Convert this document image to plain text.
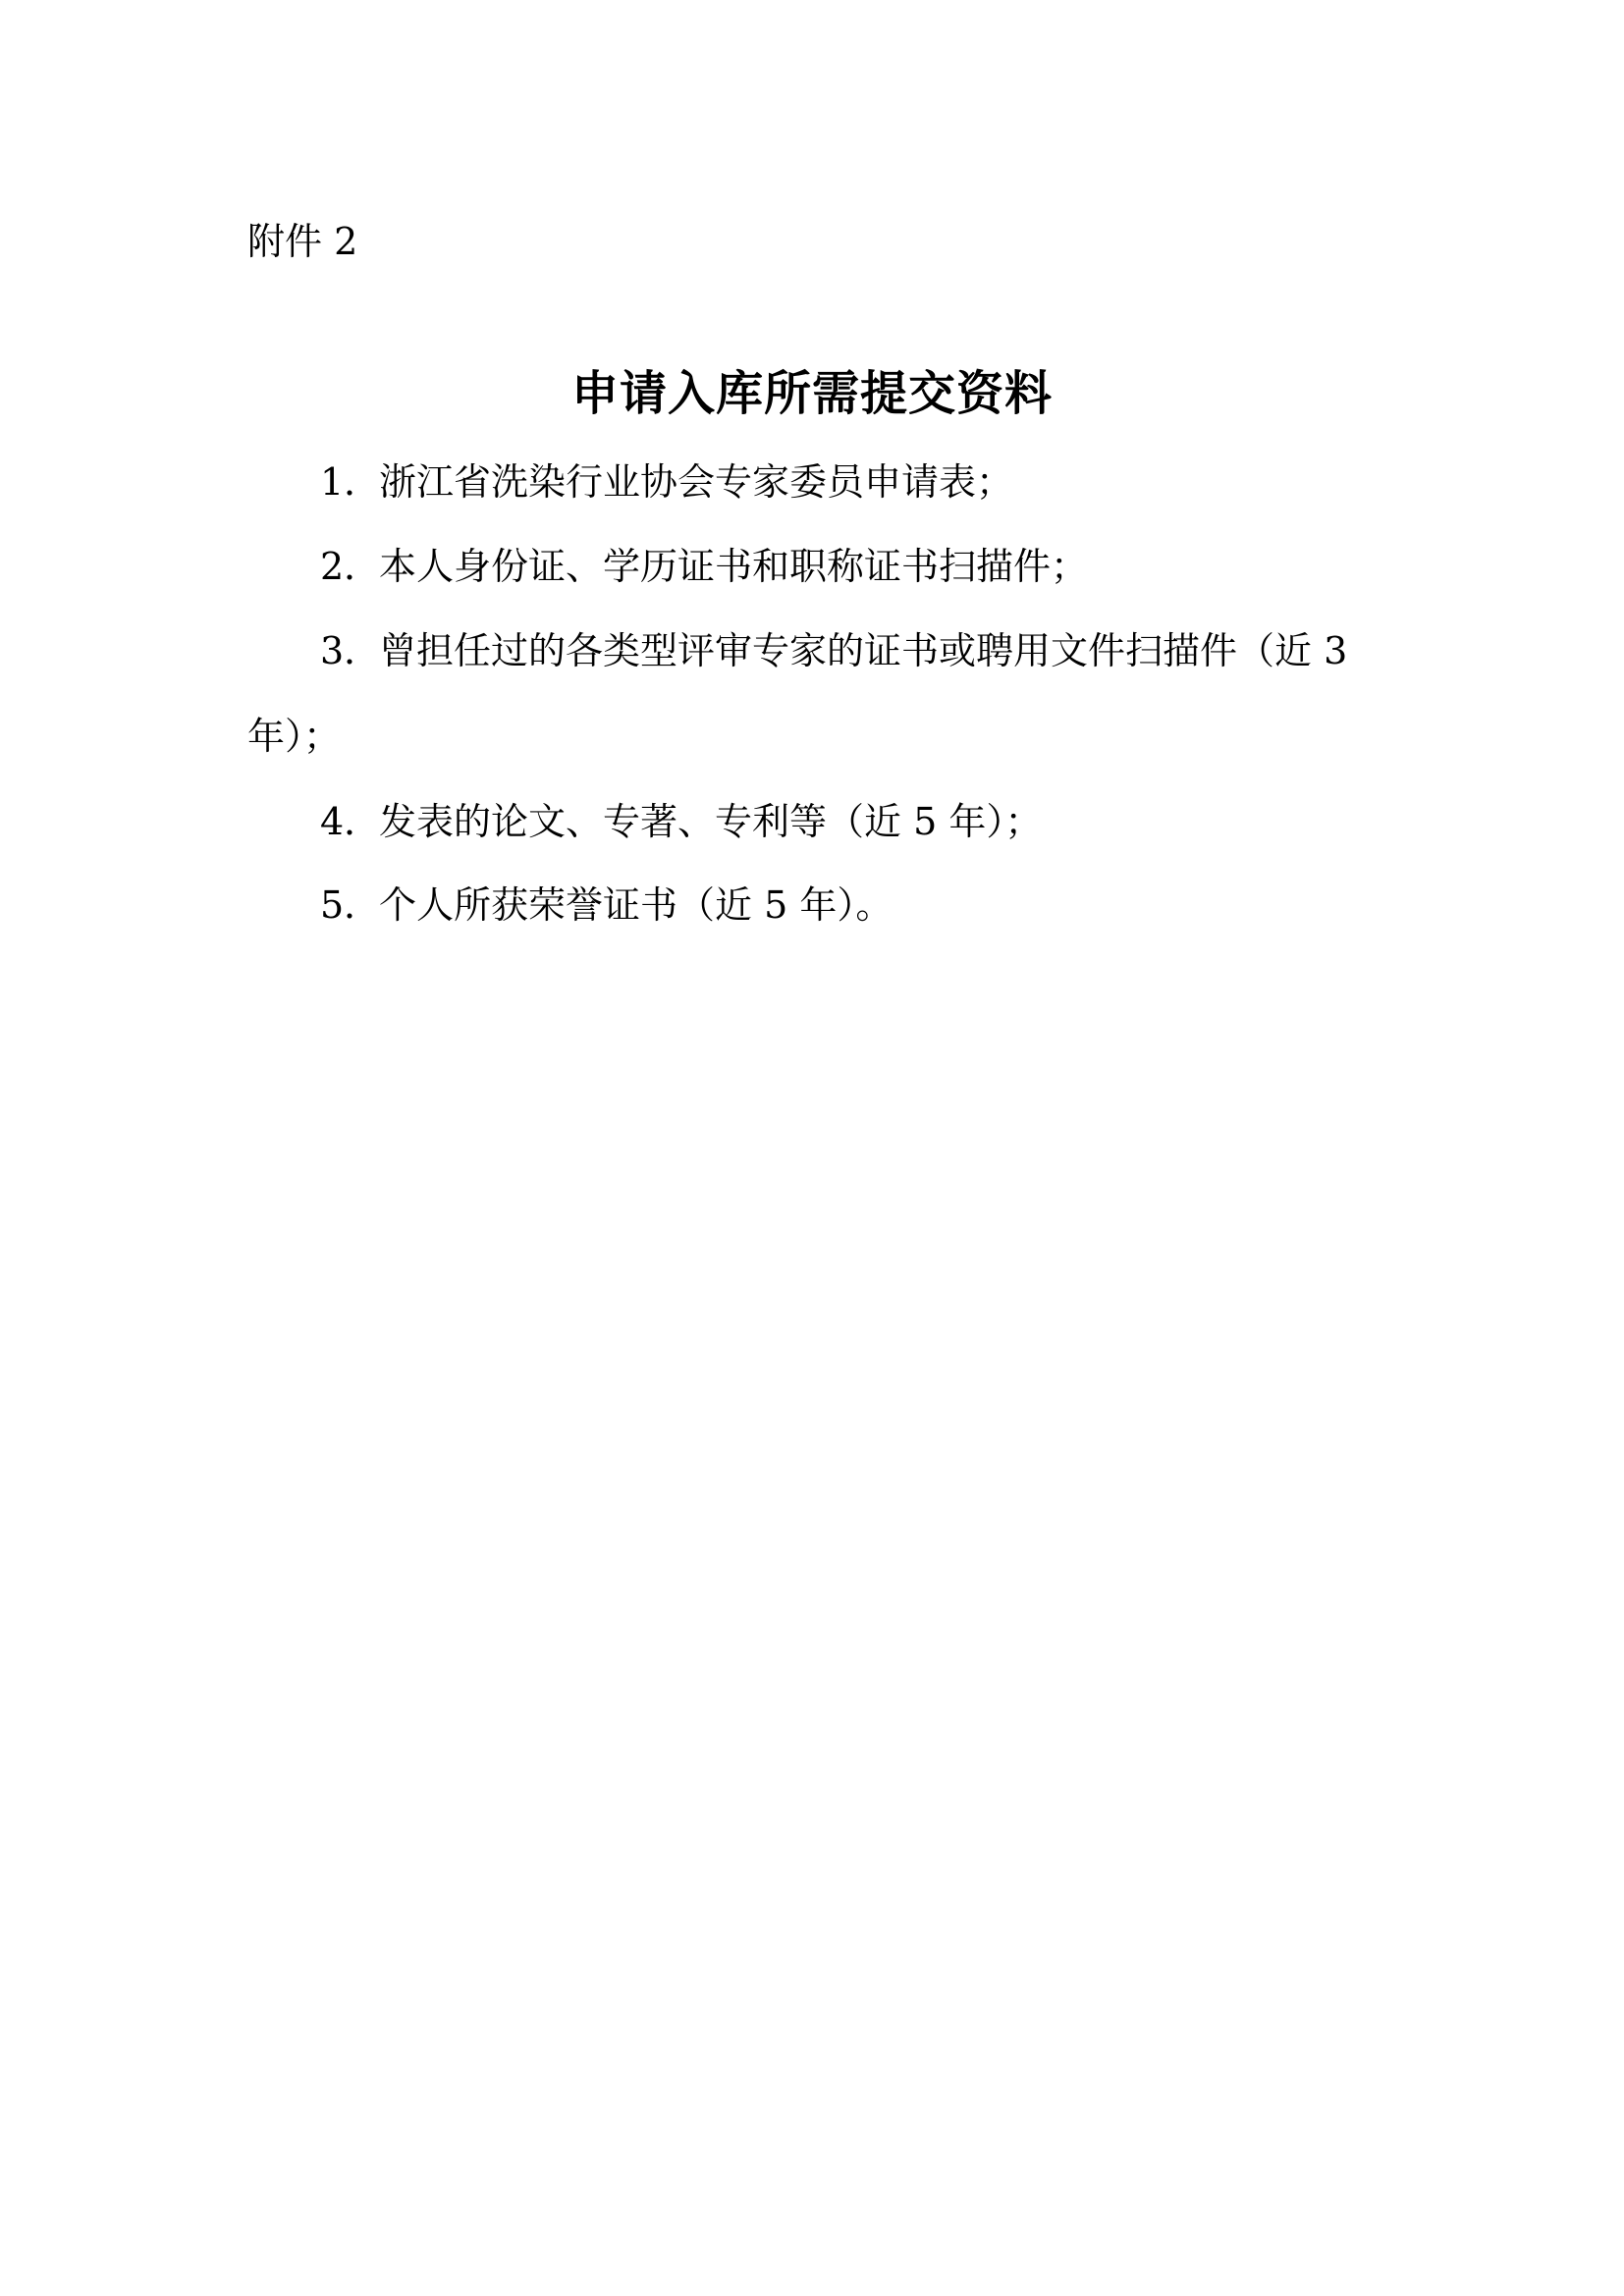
附件 2
申请入库所需提交资料
1．浙江省洗染行业协会专家委员申请表；
2．本人身份证、学历证书和职称证书扫描件；
3．曾担任过的各类型评审专家的证书或聘用文件扫描件（近 3
年）；
4．发表的论文、专著、专利等（近 5 年）；
5．个人所获荣誉证书（近 5 年）。
